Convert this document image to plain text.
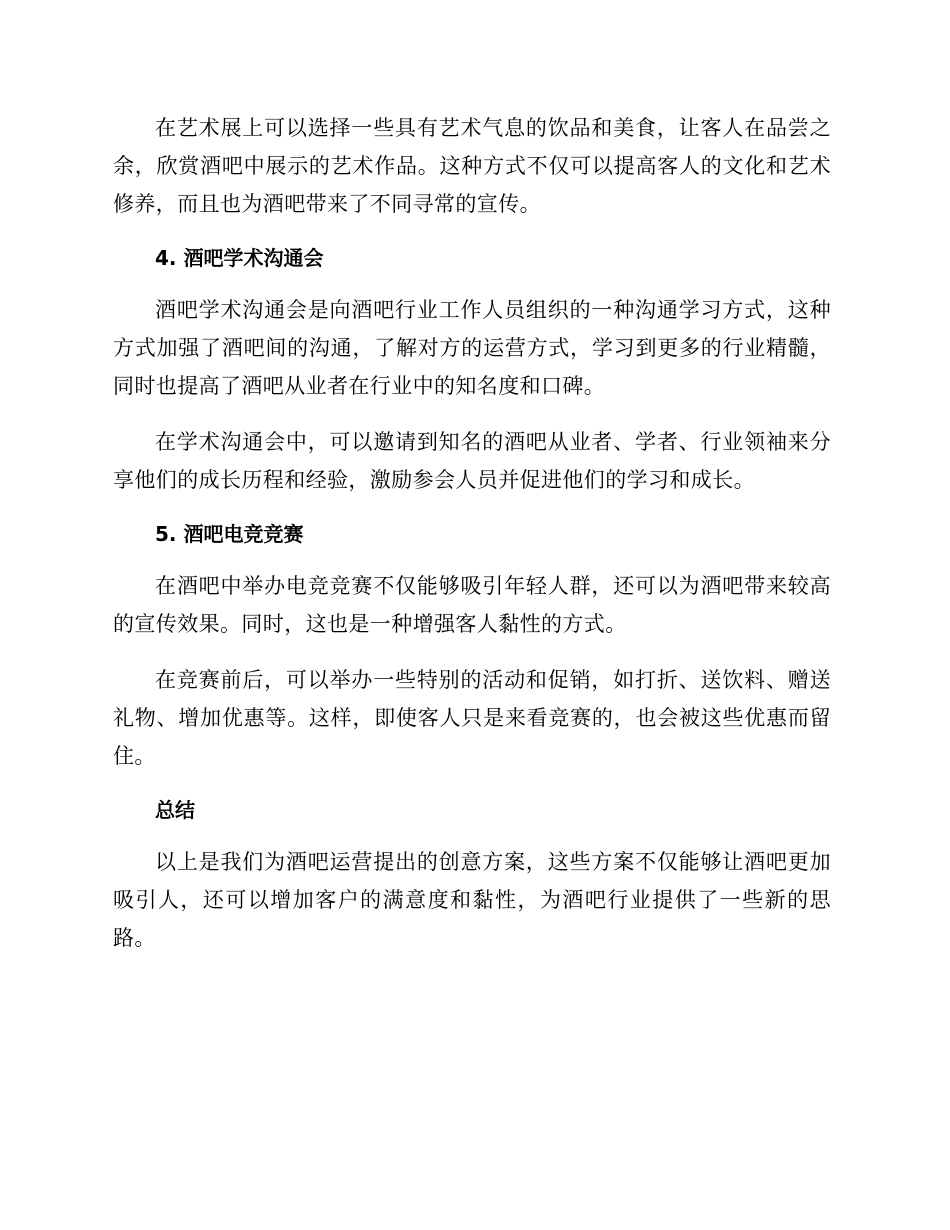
在艺术展上可以选择一些具有艺术气息的饮品和美食，让客人在品尝之余，欣赏酒吧中展示的艺术作品。这种方式不仅可以提高客人的文化和艺术修养，而且也为酒吧带来了不同寻常的宣传。

4. 酒吧学术沟通会

酒吧学术沟通会是向酒吧行业工作人员组织的一种沟通学习方式，这种方式加强了酒吧间的沟通，了解对方的运营方式，学习到更多的行业精髓，同时也提高了酒吧从业者在行业中的知名度和口碑。

在学术沟通会中，可以邀请到知名的酒吧从业者、学者、行业领袖来分享他们的成长历程和经验，激励参会人员并促进他们的学习和成长。

5. 酒吧电竞竞赛

在酒吧中举办电竞竞赛不仅能够吸引年轻人群，还可以为酒吧带来较高的宣传效果。同时，这也是一种增强客人黏性的方式。

在竞赛前后，可以举办一些特别的活动和促销，如打折、送饮料、赠送礼物、增加优惠等。这样，即使客人只是来看竞赛的，也会被这些优惠而留住。

总结

以上是我们为酒吧运营提出的创意方案，这些方案不仅能够让酒吧更加吸引人，还可以增加客户的满意度和黏性，为酒吧行业提供了一些新的思路。
